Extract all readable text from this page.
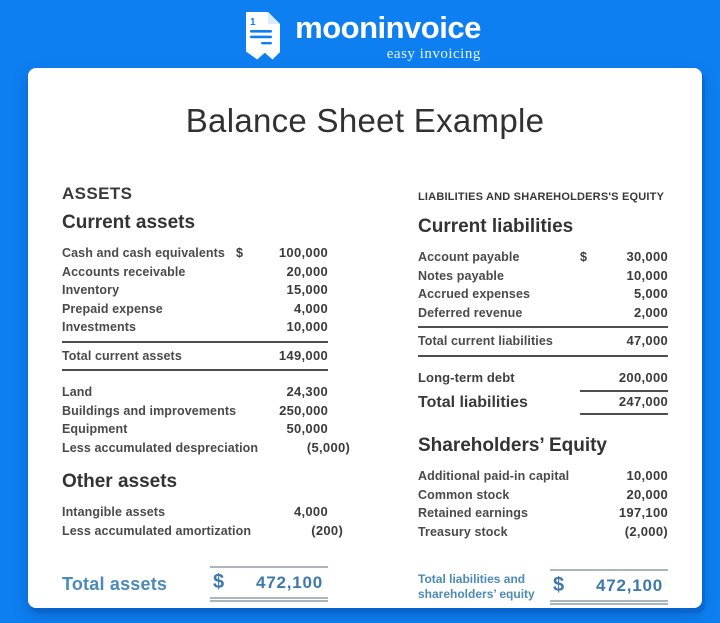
1 mooninvoice
easy invoicing
Balance Sheet Example
ASSETS
Current assets
Cash and cash equivalents $	100,000
Accounts receivable	20,000
Inventory	15,000
Prepaid expense	4,000
Investments	10,000
Total current assets	149,000
Land	24,300
Buildings and improvements	250,000
Equipment	50,000
Less accumulated despreciation	(5,000)
Other assets
Intangible assets	4,000
Less accumulated amortization	(200)
Total assets $ 472,100
LIABILITIES AND SHAREHOLDERS'S EQUITY
Current liabilities
Account payable	$	30,000
Notes payable	10,000
Accrued expenses	5,000
Deferred revenue	2,000
Total current liabilities	47,000
Long-term debt	200,000
Total liabilities	247,000
Shareholders’ Equity
Additional paid-in capital	10,000
Common stock	20,000
Retained earnings	197,100
Treasury stock	(2,000)
Total liabilities and
shareholders’ equity $ 472,100
